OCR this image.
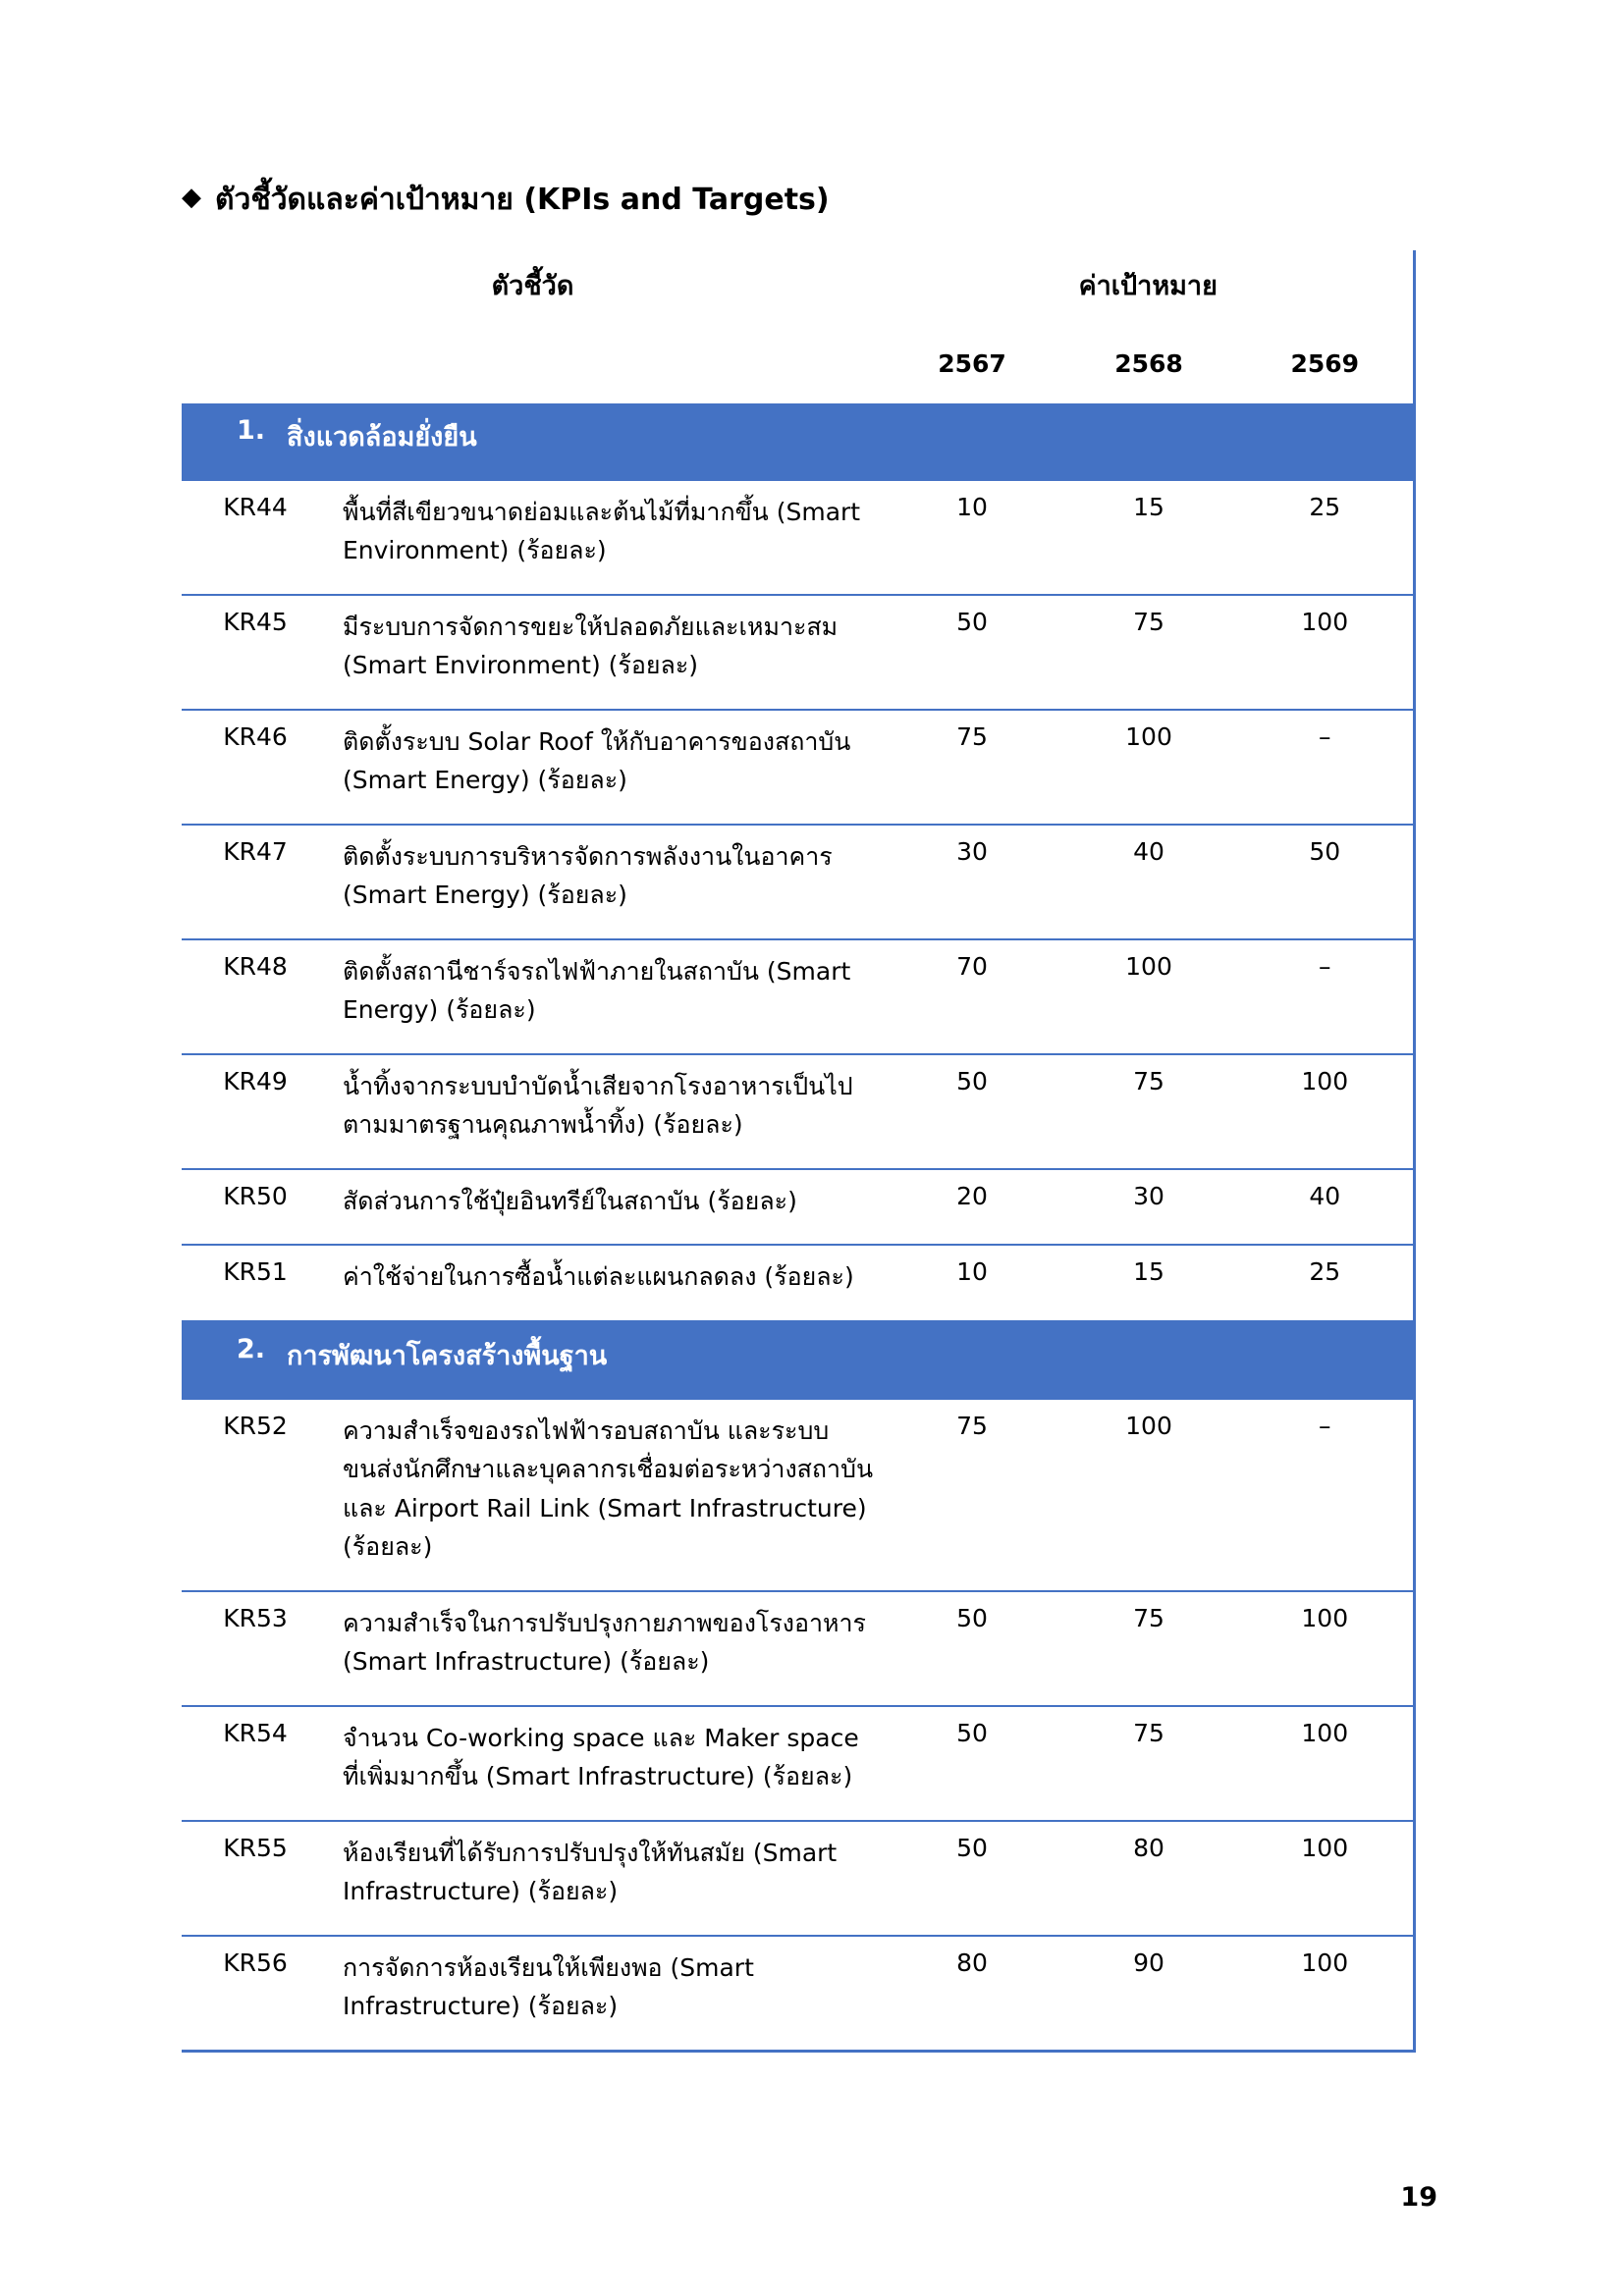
◆ ตัวชี้วัดและค่าเป้าหมาย (KPIs and Targets)
ตัวชี้วัด		ค่าเป้าหมาย		
		2567	2568	2569

1. สิ่งแวดล้อมยั่งยืน				

KR44	พื้นที่สีเขียวขนาดย่อมและต้นไม้ที่มากขึ้น (Smart Environment) (ร้อยละ)	10	15	25
KR45	มีระบบการจัดการขยะให้ปลอดภัยและเหมาะสม (Smart Environment) (ร้อยละ)	50	75	100
KR46	ติดตั้งระบบ Solar Roof ให้กับอาคารของสถาบัน (Smart Energy) (ร้อยละ)	75	100	–
KR47	ติดตั้งระบบการบริหารจัดการพลังงานในอาคาร (Smart Energy) (ร้อยละ)	30	40	50
KR48	ติดตั้งสถานีชาร์จรถไฟฟ้าภายในสถาบัน (Smart Energy) (ร้อยละ)	70	100	–
KR49	น้ำทิ้งจากระบบบำบัดน้ำเสียจากโรงอาหารเป็นไปตามมาตรฐานคุณภาพน้ำทิ้ง) (ร้อยละ)	50	75	100
KR50	สัดส่วนการใช้ปุ๋ยอินทรีย์ในสถาบัน (ร้อยละ)	20	30	40
KR51	ค่าใช้จ่ายในการซื้อน้ำแต่ละแผนกลดลง (ร้อยละ)	10	15	25

2. การพัฒนาโครงสร้างพื้นฐาน				

KR52	ความสำเร็จของรถไฟฟ้ารอบสถาบัน และระบบขนส่งนักศึกษาและบุคลากรเชื่อมต่อระหว่างสถาบัน และ Airport Rail Link (Smart Infrastructure) (ร้อยละ)	75	100	–
KR53	ความสำเร็จในการปรับปรุงกายภาพของโรงอาหาร (Smart Infrastructure) (ร้อยละ)	50	75	100
KR54	จำนวน Co-working space และ Maker space ที่เพิ่มมากขึ้น (Smart Infrastructure) (ร้อยละ)	50	75	100
KR55	ห้องเรียนที่ได้รับการปรับปรุงให้ทันสมัย (Smart Infrastructure) (ร้อยละ)	50	80	100
KR56	การจัดการห้องเรียนให้เพียงพอ (Smart Infrastructure) (ร้อยละ)	80	90	100
19
